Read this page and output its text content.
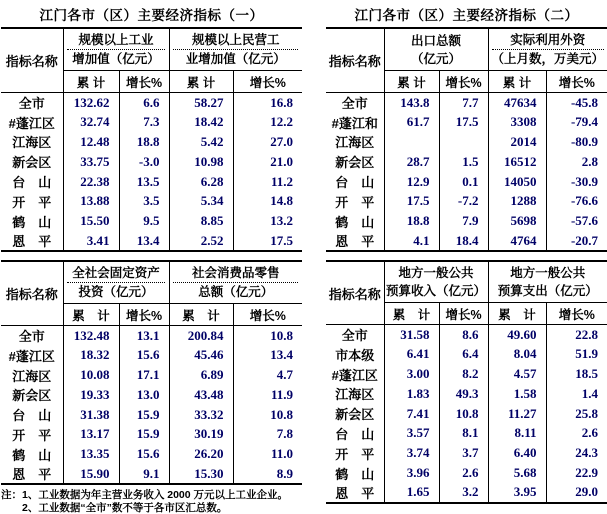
江门各市（区）主要经济指标（一）
指标名称	规模以上工业
增加值（亿元）		规模以上民营工
业增加值（亿元）	

	累 计	增长%	累 计	增长%
全市	132.62	6.6	58.27	16.8
#蓬江区	32.74	7.3	18.42	12.2
江海区	12.48	18.8	5.42	27.0
新会区	33.75	-3.0	10.98	21.0
台　山	22.38	13.5	6.28	11.2
开　平	13.88	3.5	5.34	14.8
鹤　山	15.50	9.5	8.85	13.2
恩　平	3.41	13.4	2.52	17.5
指标名称	全社会固定资产
投资（亿元）		社会消费品零售
总额（亿元）	

	累　计	增长%	累　计	增长%
全市	132.48	13.1	200.84	10.8
#蓬江区	18.32	15.6	45.46	13.4
江海区	10.08	17.1	6.89	4.7
新会区	19.33	13.0	43.48	11.9
台　山	31.38	15.9	33.32	10.8
开　平	13.17	15.9	30.19	7.8
鹤　山	13.35	15.6	26.20	11.0
恩　平	15.90	9.1	15.30	8.9
注：1、工业数据为年主营业务收入 2000 万元以上工业企业。
2、工业数据“全市”数不等于各市区汇总数。
江门各市（区）主要经济指标（二）
指标名称	出口总额
（亿元）		实际利用外资
（上月数，万美元）	

	累 计	增长%	累 计	增长%
全市	143.8	7.7	47634	-45.8
#蓬江和	61.7	17.5	3308	-79.4
江海区			2014	-80.9
新会区	28.7	1.5	16512	2.8
台　山	12.9	0.1	14050	-30.9
开　平	17.5	-7.2	1288	-76.6
鹤　山	18.8	7.9	5698	-57.6
恩　平	4.1	18.4	4764	-20.7
指标名称	地方一般公共
预算收入（亿元）		地方一般公共
预算支出（亿元）	

	累　计	增长%	累　计	增长%
全市	31.58	8.6	49.60	22.8
市本级	6.41	6.4	8.04	51.9
#蓬江区	3.00	8.2	4.57	18.5
江海区	1.83	49.3	1.58	1.4
新会区	7.41	10.8	11.27	25.8
台　山	3.57	8.1	8.11	2.6
开　平	3.74	3.7	6.40	24.3
鹤　山	3.96	2.6	5.68	22.9
恩　平	1.65	3.2	3.95	29.0
